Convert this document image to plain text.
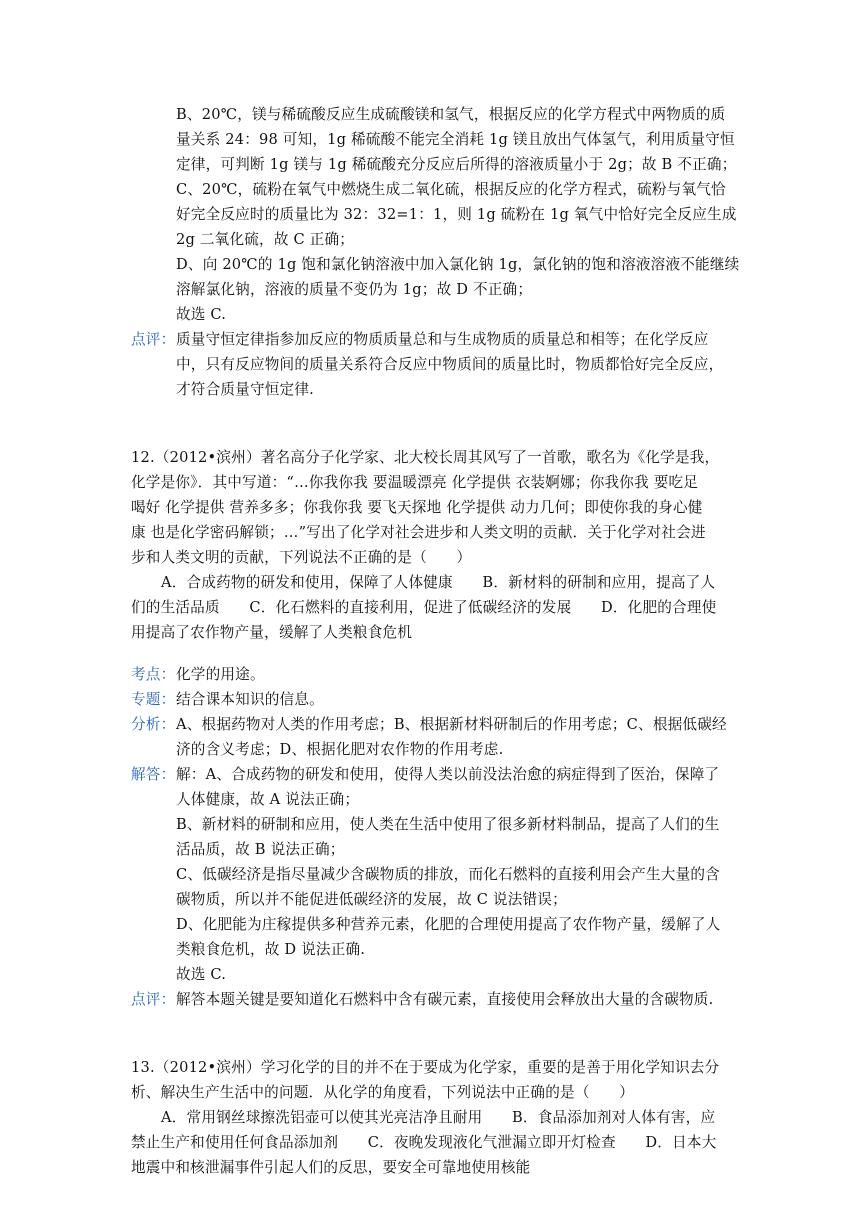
B、20℃，镁与稀硫酸反应生成硫酸镁和氢气，根据反应的化学方程式中两物质的质
量关系 24：98 可知，1g 稀硫酸不能完全消耗 1g 镁且放出气体氢气，利用质量守恒
定律，可判断 1g 镁与 1g 稀硫酸充分反应后所得的溶液质量小于 2g；故 B 不正确；
C、20℃，硫粉在氧气中燃烧生成二氧化硫，根据反应的化学方程式，硫粉与氧气恰
好完全反应时的质量比为 32：32=1：1，则 1g 硫粉在 1g 氧气中恰好完全反应生成
2g 二氧化硫，故 C 正确；
D、向 20℃的 1g 饱和氯化钠溶液中加入氯化钠 1g，氯化钠的饱和溶液溶液不能继续
溶解氯化钠，溶液的质量不变仍为 1g；故 D 不正确；
故选 C.
点评： 质量守恒定律指参加反应的物质质量总和与生成物质的质量总和相等；在化学反应
中，只有反应物间的质量关系符合反应中物质间的质量比时，物质都恰好完全反应，
才符合质量守恒定律.
12.（2012•滨州）著名高分子化学家、北大校长周其风写了一首歌，歌名为《化学是我，
化学是你》．其中写道：“…你我你我 要温暖漂亮 化学提供 衣装婀娜；你我你我 要吃足
喝好 化学提供 营养多多；你我你我 要飞天探地 化学提供 动力几何；即使你我的身心健
康 也是化学密码解锁；…”写出了化学对社会进步和人类文明的贡献．关于化学对社会进
步和人类文明的贡献，下列说法不正确的是（　　）
A．合成药物的研发和使用，保障了人体健康　　B．新材料的研制和应用，提高了人
们的生活品质　　C．化石燃料的直接利用，促进了低碳经济的发展　　D．化肥的合理使
用提高了农作物产量，缓解了人类粮食危机
考点： 化学的用途。
专题： 结合课本知识的信息。
分析： A、根据药物对人类的作用考虑；B、根据新材料研制后的作用考虑；C、根据低碳经
济的含义考虑；D、根据化肥对农作物的作用考虑.
解答： 解：A、合成药物的研发和使用，使得人类以前没法治愈的病症得到了医治，保障了
人体健康，故 A 说法正确；
B、新材料的研制和应用，使人类在生活中使用了很多新材料制品，提高了人们的生
活品质，故 B 说法正确；
C、低碳经济是指尽量减少含碳物质的排放，而化石燃料的直接利用会产生大量的含
碳物质，所以并不能促进低碳经济的发展，故 C 说法错误；
D、化肥能为庄稼提供多种营养元素，化肥的合理使用提高了农作物产量，缓解了人
类粮食危机，故 D 说法正确.
故选 C.
点评： 解答本题关键是要知道化石燃料中含有碳元素，直接使用会释放出大量的含碳物质.
13.（2012•滨州）学习化学的目的并不在于要成为化学家，重要的是善于用化学知识去分
析、解决生产生活中的问题．从化学的角度看，下列说法中正确的是（　　）
A．常用钢丝球擦洗铝壶可以使其光亮洁净且耐用　　B．食品添加剂对人体有害，应
禁止生产和使用任何食品添加剂　　C．夜晚发现液化气泄漏立即开灯检查　　D．日本大
地震中和核泄漏事件引起人们的反思，要安全可靠地使用核能
